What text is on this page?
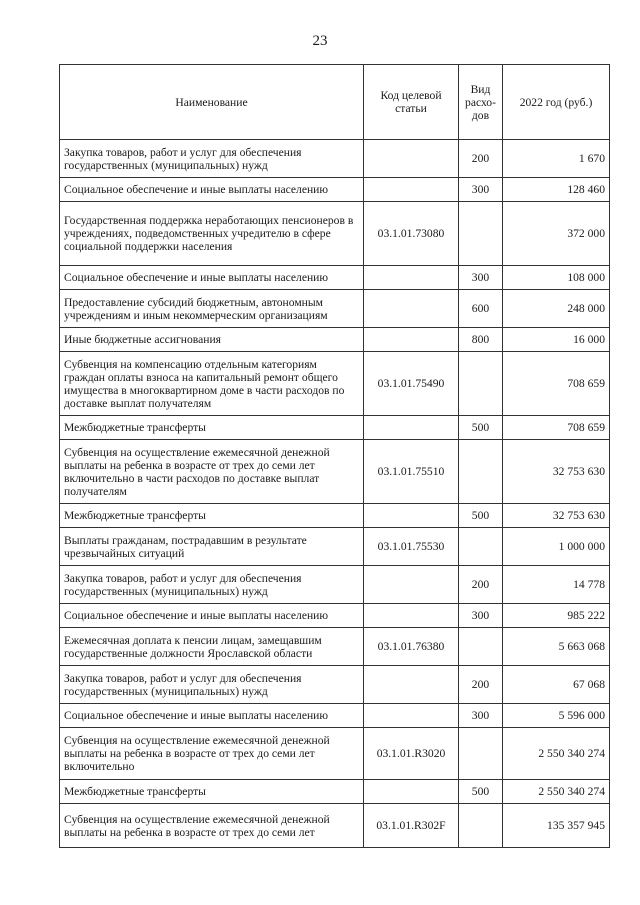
23
Наименование	Код целевой статьи	Вид расхо-дов	2022 год (руб.)
Закупка товаров, работ и услуг для обеспечения государственных (муниципальных) нужд		200	1 670
Социальное обеспечение и иные выплаты населению		300	128 460
Государственная поддержка неработающих пенсионеров в учреждениях, подведомственных учредителю в сфере социальной поддержки населения	03.1.01.73080		372 000
Социальное обеспечение и иные выплаты населению		300	108 000
Предоставление субсидий бюджетным, автономным учреждениям и иным некоммерческим организациям		600	248 000
Иные бюджетные ассигнования		800	16 000
Субвенция на компенсацию отдельным категориям граждан оплаты взноса на капитальный ремонт общего имущества в многоквартирном доме в части расходов по доставке выплат получателям	03.1.01.75490		708 659
Межбюджетные трансферты		500	708 659
Субвенция на осуществление ежемесячной денежной выплаты на ребенка в возрасте от трех до семи лет включительно в части расходов по доставке выплат получателям	03.1.01.75510		32 753 630
Межбюджетные трансферты		500	32 753 630
Выплаты гражданам, пострадавшим в результате чрезвычайных ситуаций	03.1.01.75530		1 000 000
Закупка товаров, работ и услуг для обеспечения государственных (муниципальных) нужд		200	14 778
Социальное обеспечение и иные выплаты населению		300	985 222
Ежемесячная доплата к пенсии лицам, замещавшим государственные должности Ярославской области	03.1.01.76380		5 663 068
Закупка товаров, работ и услуг для обеспечения государственных (муниципальных) нужд		200	67 068
Социальное обеспечение и иные выплаты населению		300	5 596 000
Субвенция на осуществление ежемесячной денежной выплаты на ребенка в возрасте от трех до семи лет включительно	03.1.01.R3020		2 550 340 274
Межбюджетные трансферты		500	2 550 340 274
Субвенция на осуществление ежемесячной денежной выплаты на ребенка в возрасте от трех до семи лет	03.1.01.R302F		135 357 945
